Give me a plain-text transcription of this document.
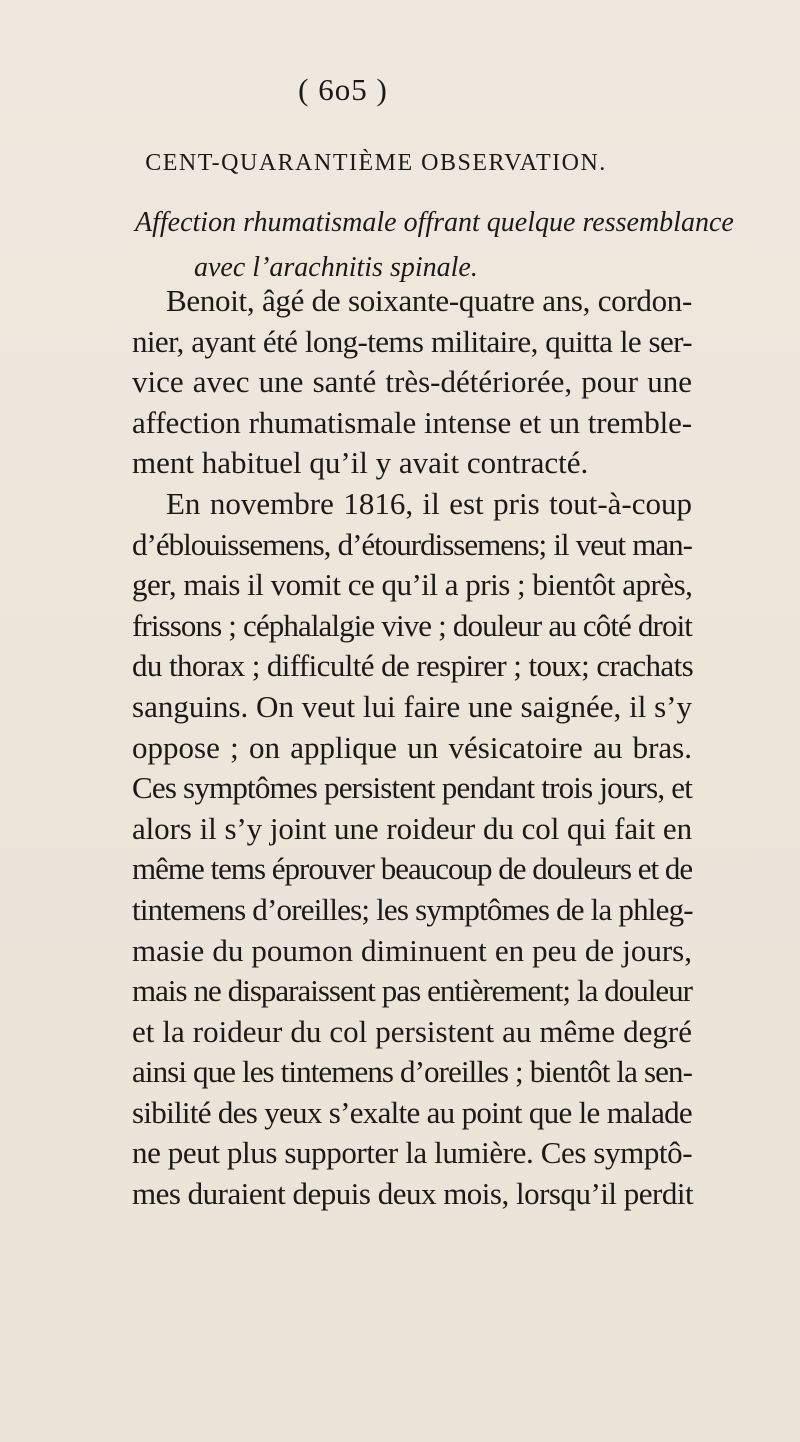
( 6o5 )
CENT-QUARANTIÈME OBSERVATION.
Affection rhumatismale offrant quelque ressemblance
avec l’arachnitis spinale.
Benoit, âgé de soixante-quatre ans, cordon-
nier, ayant été long-tems militaire, quitta le ser-
vice avec une santé très-détériorée, pour une
affection rhumatismale intense et un tremble-
ment habituel qu’il y avait contracté.
En novembre 1816, il est pris tout-à-coup
d’éblouissemens, d’étourdissemens; il veut man-
ger, mais il vomit ce qu’il a pris ; bientôt après,
frissons ; céphalalgie vive ; douleur au côté droit
du thorax ; difficulté de respirer ; toux; crachats
sanguins. On veut lui faire une saignée, il s’y
oppose ; on applique un vésicatoire au bras.
Ces symptômes persistent pendant trois jours, et
alors il s’y joint une roideur du col qui fait en
même tems éprouver beaucoup de douleurs et de
tintemens d’oreilles; les symptômes de la phleg-
masie du poumon diminuent en peu de jours,
mais ne disparaissent pas entièrement; la douleur
et la roideur du col persistent au même degré
ainsi que les tintemens d’oreilles ; bientôt la sen-
sibilité des yeux s’exalte au point que le malade
ne peut plus supporter la lumière. Ces symptô-
mes duraient depuis deux mois, lorsqu’il perdit
